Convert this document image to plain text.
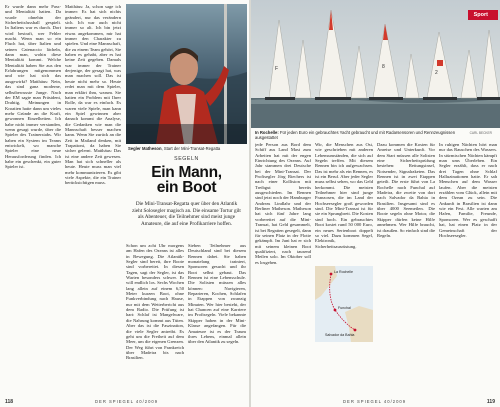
Er wurde dann mehr Pass- und Mentalität hatten. Da wurde ohnehin der Sicherheitsfussball gespielt. In Italiens war es durch. Dort wird bestraft, wer Fehler macht. Wenn man so ein Fluch hat, über Italien und seinen Catenaccio lächeln, dann man, wohin diese Mentalität kommt. Welche Mentalität haben Sie aus den Erfahrungen mitgenommen und wie hat sich das ausgewirkt? Matthäus: Nein, das sind ganz moderne, selbstbewusste Junge. Nach der EM sagte man Präsident, Drahtig, Meinungen in Kroatien hatte dann um vieles mehr Gründe an die Kraft, gewonnen Einzelheiten. Ich habe nicht immer verstanden, wenn gesagt wurde, über die Spieler des Trainerstabs. Wir haben ein System im Teams entwickelt, wo manche Spieler eine neue Herausforderung finden. Ich habe ein geschenkt, ein guter Spieler ist.

Matthäus: Ja, schon sage ich immer: Es hat sich nichts geändert, nur das verändern sich. Ich war auch nicht immer so alt. Ich bin jetzt etwas angekommen, mir hat immer den Charakter zu spielen. Und eine Mannschaft, die zu einem Team gehört, Sie haben es gehabt, aber es hat keine Zeit gegeben. Damals war immer der Trainer derjenige, der gesagt hat, was man machen soll. Das ist heute nicht mehr so. Heute redet man mit dem Spieler, man erklärt ihm, warum. Sie hatten ein Problem mit Ihrer Rolle, da war es einfach. Es waren viele Spiele, man kann ein Spiel gewinnen aber danach kommt die Analyse, die Gedanken wie man die Mannschaft besser machen kann. Wenn Sie zurück an die Zeit in Mailand denken, mit Trapattoni, da haben Sie sicher gelernt. Matthäus: Das ist eine andere Zeit gewesen. Man hat sich schneller als heute. Heute muss man viel mehr kommunizieren. Es gibt viele Aspekte, die ein Trainer berücksichtigen muss.

Segler Matheson, Start der Mini-Transat-Regatta
SEGELN
Ein Mann,
ein Boot
Die Mini-Transat-Regatta quer über den Atlantik zieht Solosegler magisch an. Die einsame Tortur gilt als Abenteuer, die Teilnehmer sind meist junge Amateure, die auf eine Profikarriere hoffen.

Schon um acht Uhr morgens am Hafen des Ozeans ist alles in Bewegung. Die Atlantik-Segler sind bereit, ihre Boote sind vorbereitet. In diesen Tagen, sagt der Segler, ist das Warten besonders schwer. Er will endlich los. Sechs Wochen lang allein auf einem 6,50 Meter kurzen Boot, ohne Funkverbindung nach Hause, nur mit dem Wetterbericht aus dem Radio. Die Prüfung ist hart: Schlaf ist Mangelware, die Nahrung kommt aus Tüten. Aber das ist die Faszination, die viele Segler antreibt. Es geht um die Freiheit auf dem Meer, um die eigenen Grenzen. Der Weg führt von Frankreich über Madeira bis nach Brasilien.

Sieben Teilnehmer aus Deutschland sind bei diesem Rennen dabei. Sie haben monatelang trainiert, Sponsoren gesucht und ihr Boot selbst gebaut. Das Rennen ist eine Lebensschule. Die Solisten müssen alles können: Navigieren, Reparieren, Kochen, Schlafen in Etappen von zwanzig Minuten. Wer hier besteht, der hat Chancen auf eine Karriere im Profisegeln. Viele bekannte Skipper haben in der Mini-Klasse angefangen. Für die Amateure ist es der Traum ihres Lebens, einmal allein über den Atlantik zu segeln.

118	DER SPIEGEL 40/2009
F	8
2
Sport
In Rochelle: Für jeden Euro ein gebrauchtes Yacht gebraucht und mit Radarsensoren und Rennzeugnissen ausgestattet
CARL BECKER

jede Person aus Bord dem Schiff aus Land Mast zum Arbeiten hat mit der engen Einrichtung des Ozeans. Auf Jahr stammen drei Deutsche bei der Mini-Transat. Der Profisegler Jörg Riechers ist nach einer Kollision mit Treibgut bereits ausgeschieden. Im Rennen sind jetzt noch der Hamburger Andreas Lindlahr und der Berliner Matheson. Matheson hat sich fünf Jahre lang vorbereitet auf die Mini-Transat, hat Geld gesammelt, ist bei Regatten gesegelt, dann für seinen Platz in der Flotte gekämpft. Im Juni hat er sich mit seinem kleinen Boot qualifiziert, nach tausend Meilen solo. Im Oktober soll es losgehen.

Wir, die Menschen aus Ost, wie geschrieben mit anderen Lebensumständen, die sich auf Segeln treffen. Mit diesem Rennen bin ich aufgewachsen. Das ist mehr als ein Rennen, es ist ein Beruf. Aber jeder Segler muss selbst sehen, wo das Geld herkommt. Die meisten Teilnehmer hier sind junge Franzosen, die im Land der Hochseesegler groß geworden sind. Die Mini-Transat ist für sie ein Sprungbrett. Die Kosten sind hoch. Ein gebrauchtes Boot kostet rund 50 000 Euro, ein neues Serienboot doppelt so viel. Dazu kommen Segel, Elektronik, Sicherheitsausrüstung.

La Rochelle
Funchal
Salvador da Bahia

Dazu kommen die Kosten für Anreise und Unterkunft. Vor dem Start müssen alle Solisten eine Sicherheitsprüfung bestehen: Rettungsinsel, Notsender, Signalraketen. Das Rennen ist in zwei Etappen geteilt. Die erste führt von La Rochelle nach Funchal auf Madeira, die zweite von dort nach Salvador da Bahia in Brasilien. Insgesamt sind es über 4000 Seemeilen. Die Boote segeln ohne Motor, die Skipper dürfen keine Hilfe annehmen. Wer Hilfe braucht, ist draußen. So einfach sind die Regeln.

In ruhigen Nächten hört man nur das Rauschen des Wassers. In stürmischen Nächten kämpft man ums Überleben. Ein Segler erzählt, dass er nach drei Tagen ohne Schlaf Halluzinationen hatte. Er sah Menschen auf dem Wasser laufen. Aber die meisten erzählen vom Glück, allein mit dem Ozean zu sein. Die Ankunft in Brasilien ist dann wie ein Fest. Alle warten am Hafen, Familie, Freunde, Sponsoren. Wer es geschafft hat, hat einen Platz in der Gemeinschaft der Hochseesegler.

DER SPIEGEL 40/2009	119
